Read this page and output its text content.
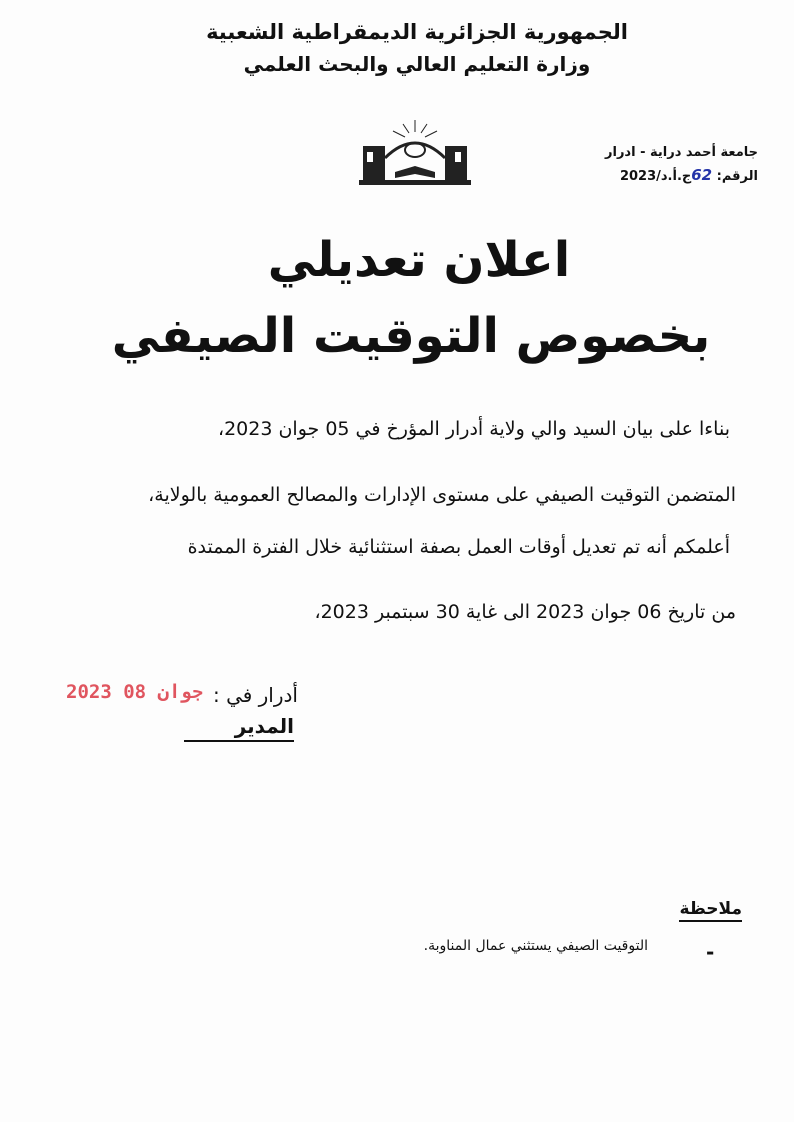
الجمهورية الجزائرية الديمقراطية الشعبية
وزارة التعليم العالي والبحث العلمي
جامعة أحمد دراية - ادرار
الرقم: 62ج.أ.د/2023
اعلان تعديلي
بخصوص التوقيت الصيفي
بناءا على بيان السيد والي ولاية أدرار المؤرخ في 05 جوان 2023،
المتضمن التوقيت الصيفي على مستوى الإدارات والمصالح العمومية بالولاية،
أعلمكم أنه تم تعديل أوقات العمل بصفة استثنائية خلال الفترة الممتدة
من تاريخ 06 جوان 2023 الى غاية 30 سبتمبر 2023،
أدرار في :
2023 جوان 08
المدير
ملاحظة
-
التوقيت الصيفي يستثني عمال المناوبة.
